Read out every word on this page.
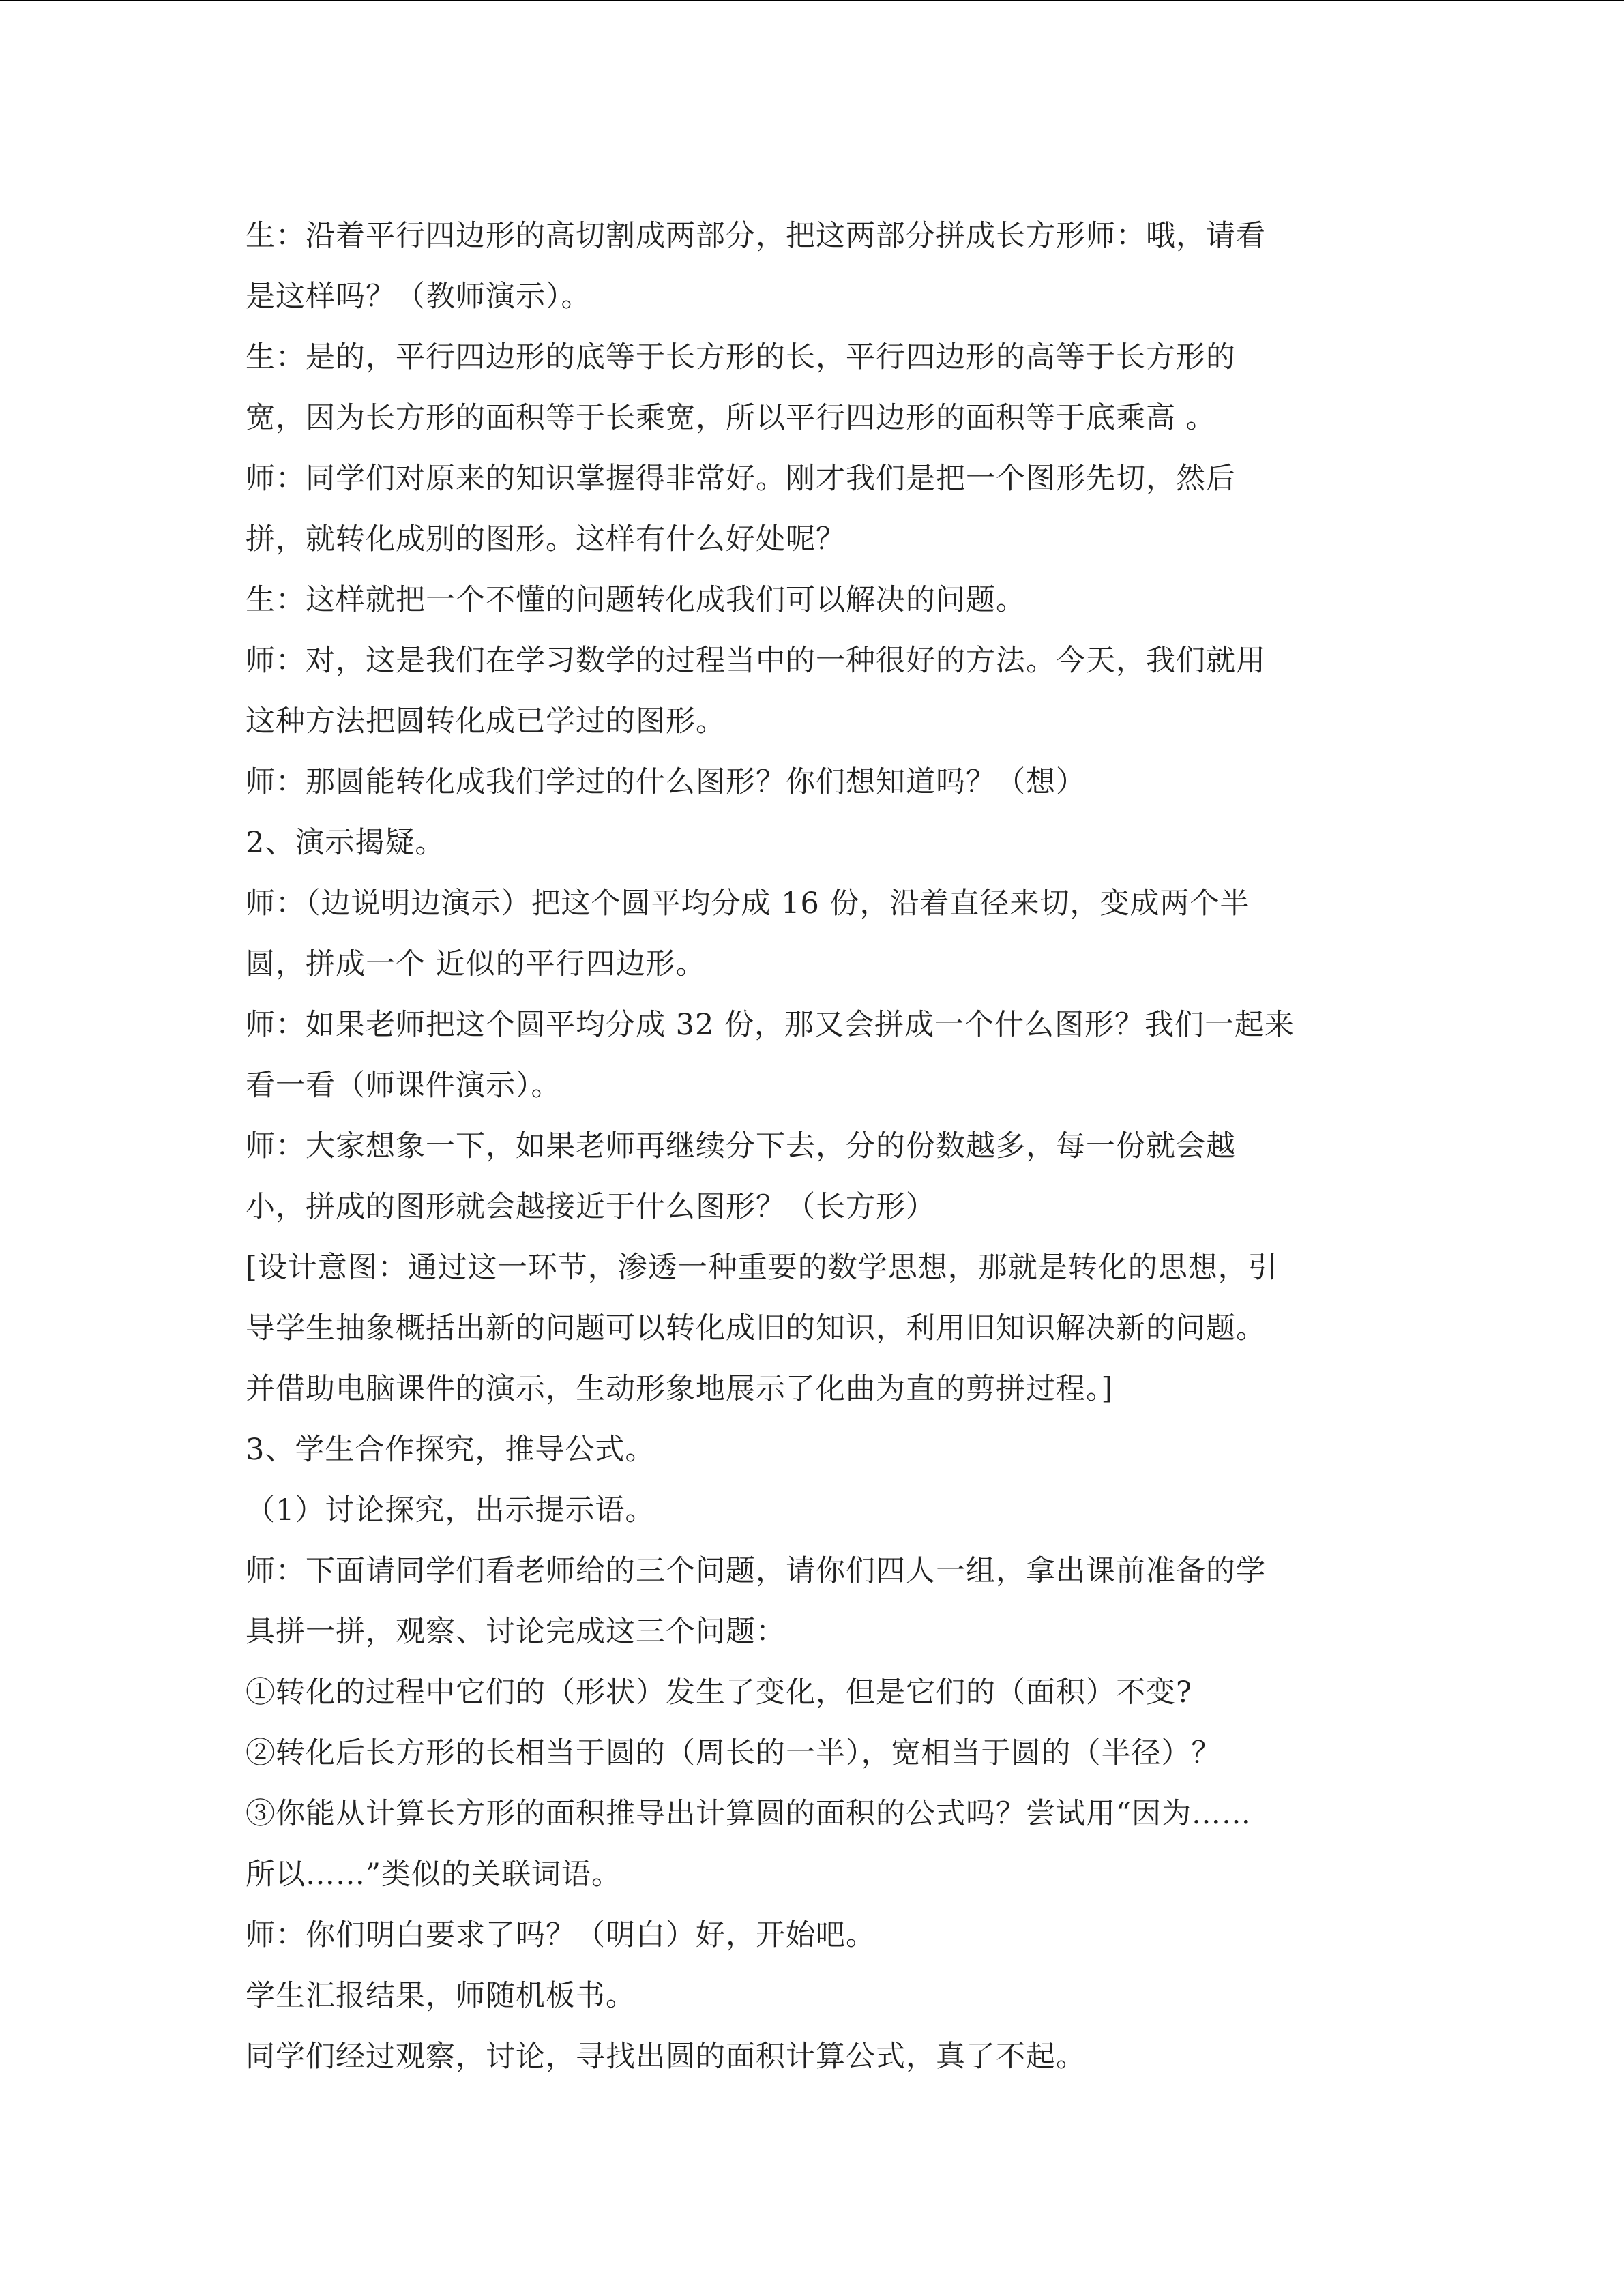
生：沿着平行四边形的高切割成两部分，把这两部分拼成长方形师：哦，请看
是这样吗？（教师演示）。
生：是的，平行四边形的底等于长方形的长，平行四边形的高等于长方形的
宽，因为长方形的面积等于长乘宽，所以平行四边形的面积等于底乘高 。
师：同学们对原来的知识掌握得非常好。刚才我们是把一个图形先切，然后
拼，就转化成别的图形。这样有什么好处呢？
生：这样就把一个不懂的问题转化成我们可以解决的问题。
师：对，这是我们在学习数学的过程当中的一种很好的方法。今天，我们就用
这种方法把圆转化成已学过的图形。
师：那圆能转化成我们学过的什么图形？你们想知道吗？（想）
2、演示揭疑。
师：（边说明边演示）把这个圆平均分成 16 份，沿着直径来切，变成两个半
圆，拼成一个 近似的平行四边形。
师：如果老师把这个圆平均分成 32 份，那又会拼成一个什么图形？我们一起来
看一看（师课件演示）。
师：大家想象一下，如果老师再继续分下去，分的份数越多，每一份就会越
小，拼成的图形就会越接近于什么图形？（长方形）
[设计意图：通过这一环节，渗透一种重要的数学思想，那就是转化的思想，引
导学生抽象概括出新的问题可以转化成旧的知识，利用旧知识解决新的问题。
并借助电脑课件的演示，生动形象地展示了化曲为直的剪拼过程。]
3、学生合作探究，推导公式。
（1）讨论探究，出示提示语。
师：下面请同学们看老师给的三个问题，请你们四人一组，拿出课前准备的学
具拼一拼，观察、讨论完成这三个问题：
①转化的过程中它们的（形状）发生了变化，但是它们的（面积）不变?
②转化后长方形的长相当于圆的（周长的一半），宽相当于圆的（半径）？
③你能从计算长方形的面积推导出计算圆的面积的公式吗？尝试用“因为……
所以……”类似的关联词语。
师：你们明白要求了吗？（明白）好，开始吧。
学生汇报结果，师随机板书。
同学们经过观察，讨论，寻找出圆的面积计算公式，真了不起。
